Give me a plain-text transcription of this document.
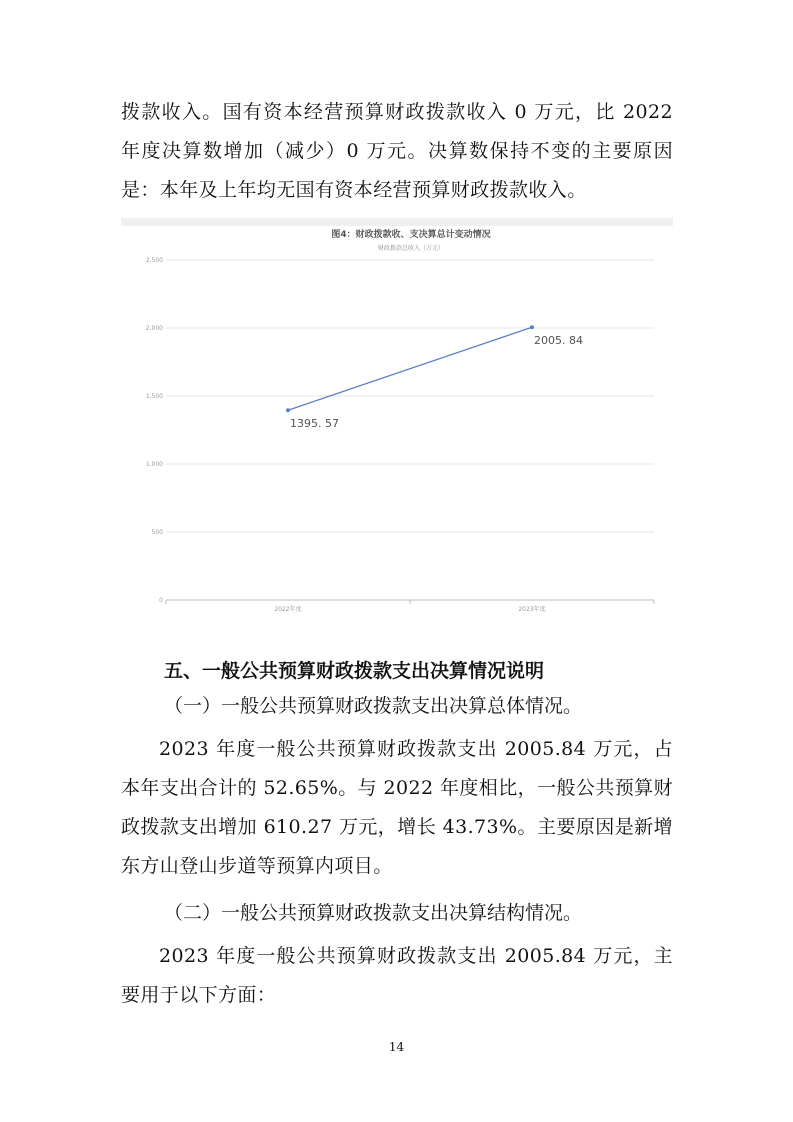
拨款收入。国有资本经营预算财政拨款收入 0 万元，比 2022 年度决算数增加（减少）0 万元。决算数保持不变的主要原因是：本年及上年均无国有资本经营预算财政拨款收入。

图4：财政拨款收、支决算总计变动情况
财政拨款总收入（万元）
0
500
1,000
1,500
2,000
2,500
2022年度	2023年度
1395. 57
2005. 84

五、一般公共预算财政拨款支出决算情况说明

（一）一般公共预算财政拨款支出决算总体情况。

2023 年度一般公共预算财政拨款支出 2005.84 万元，占本年支出合计的 52.65%。与 2022 年度相比，一般公共预算财政拨款支出增加 610.27 万元，增长 43.73%。主要原因是新增东方山登山步道等预算内项目。

（二）一般公共预算财政拨款支出决算结构情况。

2023 年度一般公共预算财政拨款支出 2005.84 万元，主要用于以下方面：

14
